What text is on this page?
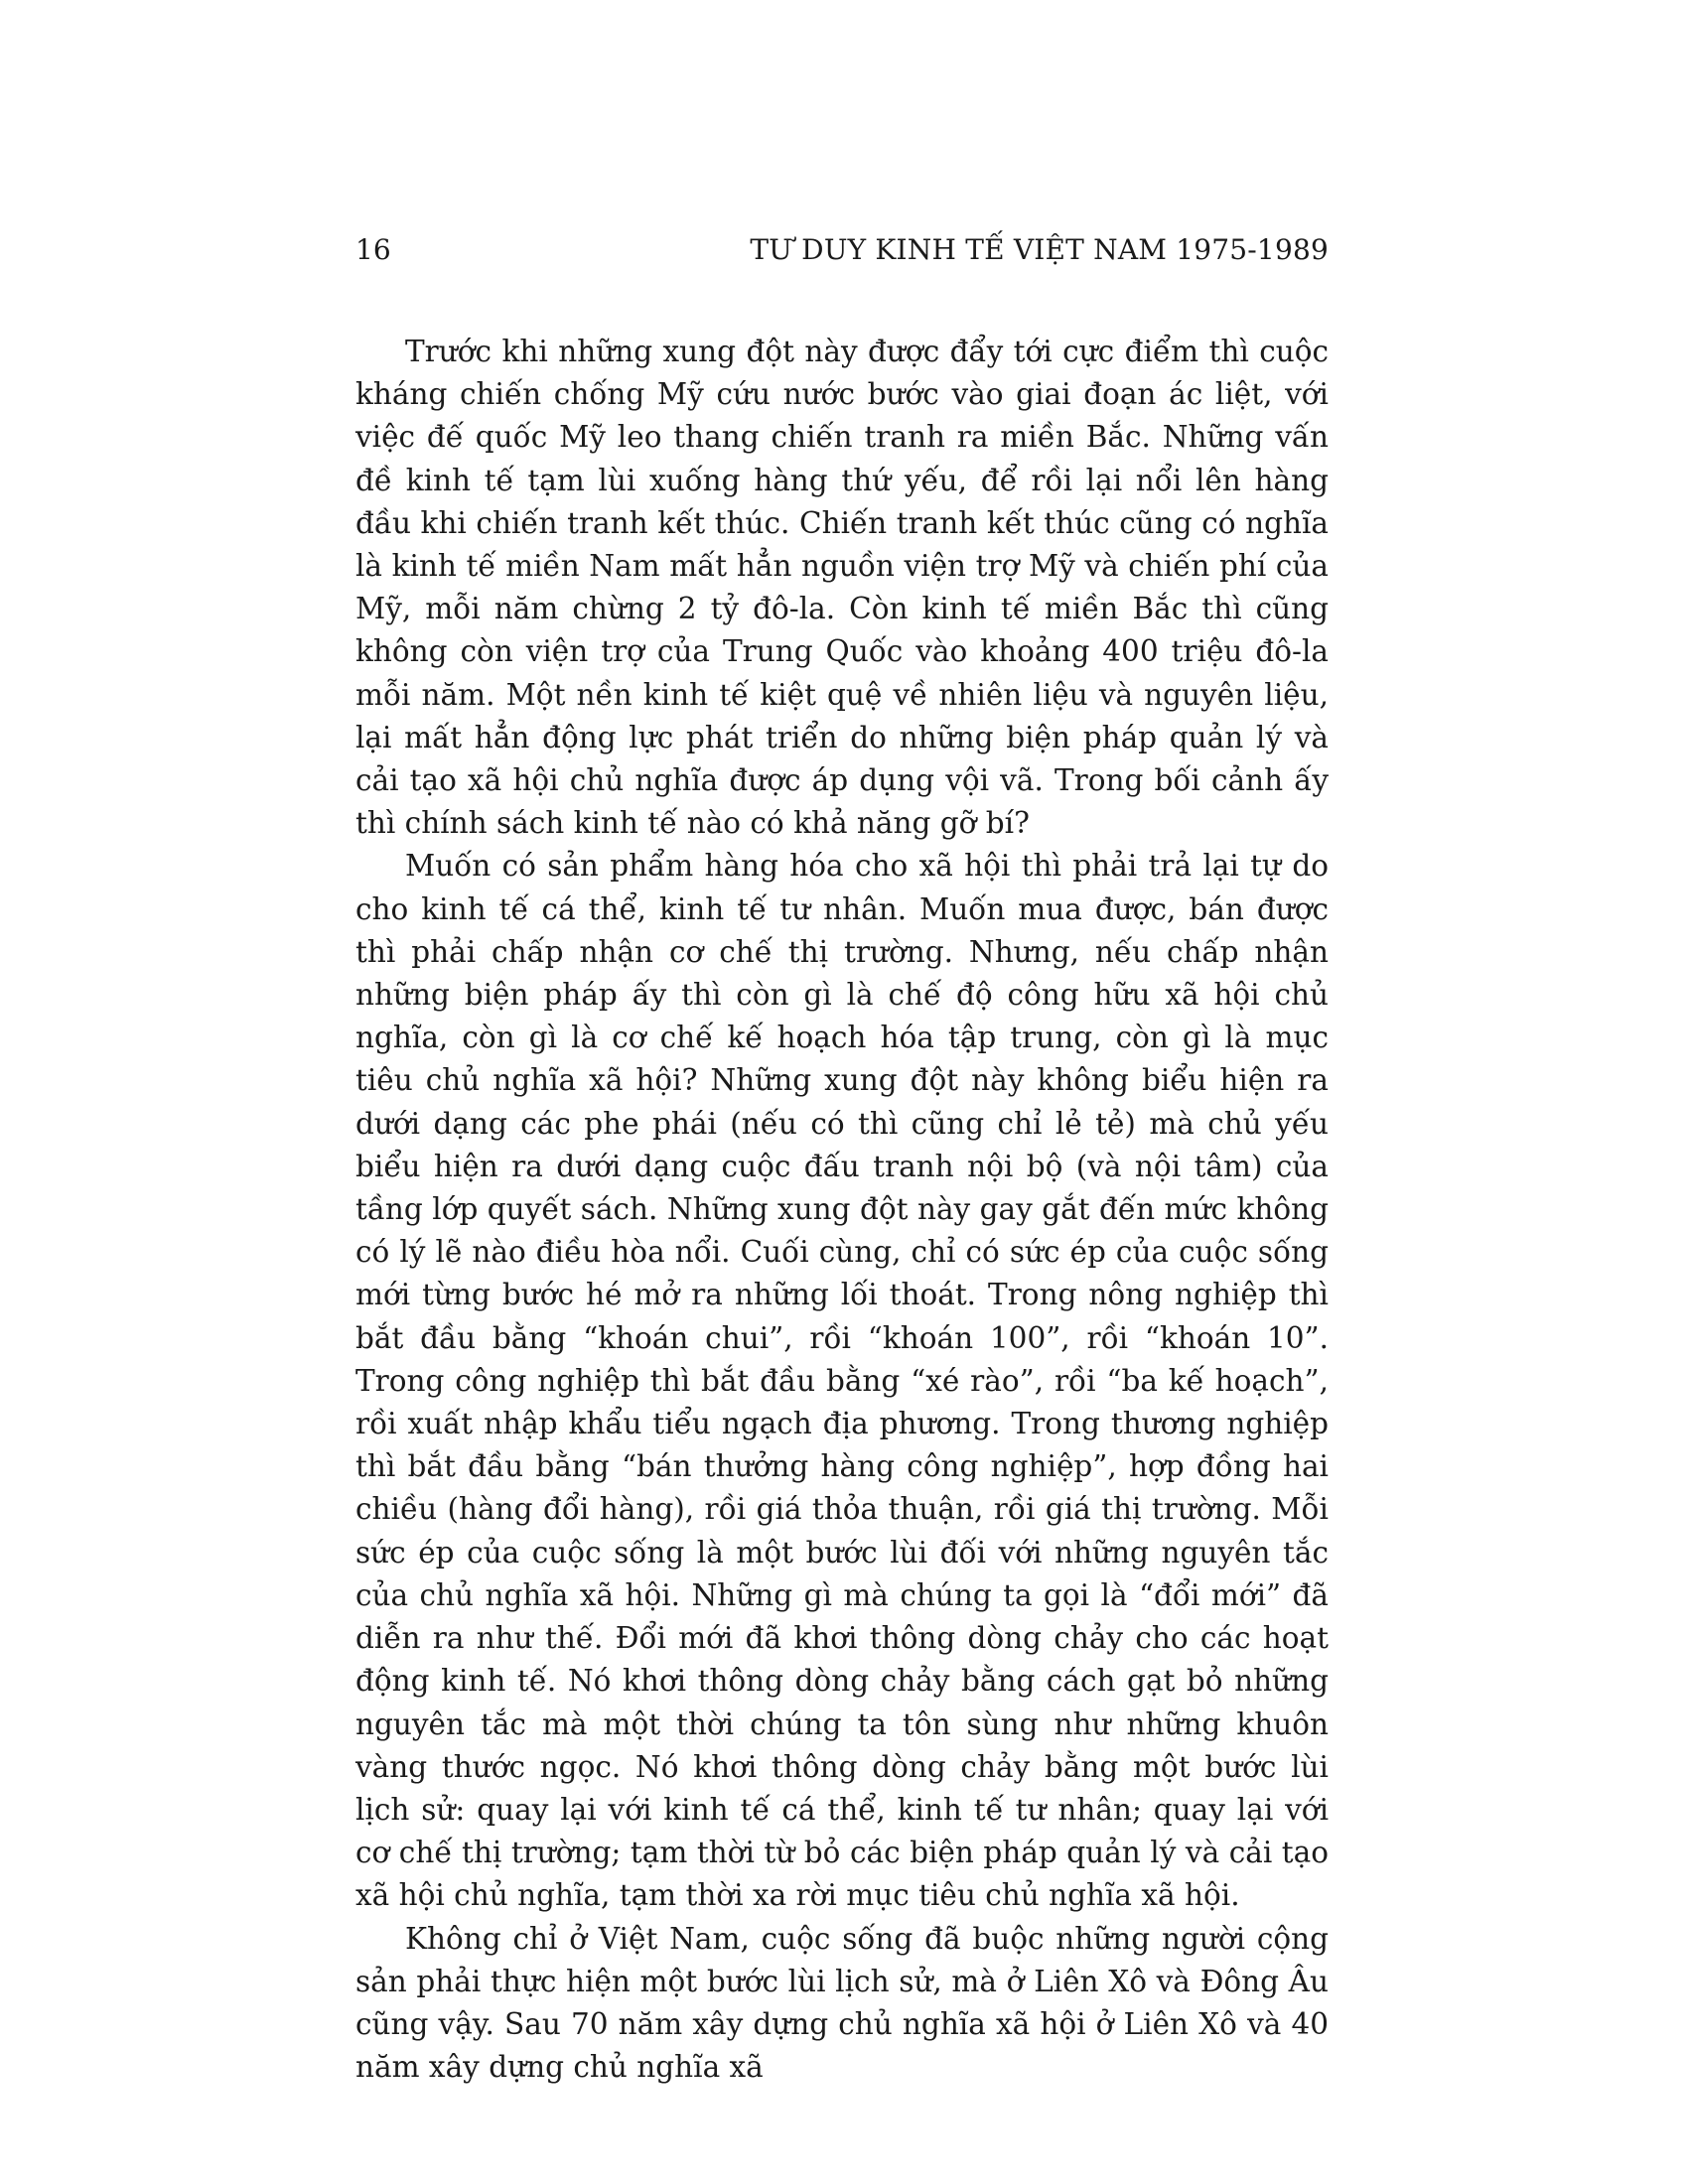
16	TƯ DUY KINH TẾ VIỆT NAM 1975-1989

Trước khi những xung đột này được đẩy tới cực điểm thì cuộc kháng chiến chống Mỹ cứu nước bước vào giai đoạn ác liệt, với việc đế quốc Mỹ leo thang chiến tranh ra miền Bắc. Những vấn đề kinh tế tạm lùi xuống hàng thứ yếu, để rồi lại nổi lên hàng đầu khi chiến tranh kết thúc. Chiến tranh kết thúc cũng có nghĩa là kinh tế miền Nam mất hẳn nguồn viện trợ Mỹ và chiến phí của Mỹ, mỗi năm chừng 2 tỷ đô-la. Còn kinh tế miền Bắc thì cũng không còn viện trợ của Trung Quốc vào khoảng 400 triệu đô-la mỗi năm. Một nền kinh tế kiệt quệ về nhiên liệu và nguyên liệu, lại mất hẳn động lực phát triển do những biện pháp quản lý và cải tạo xã hội chủ nghĩa được áp dụng vội vã. Trong bối cảnh ấy thì chính sách kinh tế nào có khả năng gỡ bí?

Muốn có sản phẩm hàng hóa cho xã hội thì phải trả lại tự do cho kinh tế cá thể, kinh tế tư nhân. Muốn mua được, bán được thì phải chấp nhận cơ chế thị trường. Nhưng, nếu chấp nhận những biện pháp ấy thì còn gì là chế độ công hữu xã hội chủ nghĩa, còn gì là cơ chế kế hoạch hóa tập trung, còn gì là mục tiêu chủ nghĩa xã hội? Những xung đột này không biểu hiện ra dưới dạng các phe phái (nếu có thì cũng chỉ lẻ tẻ) mà chủ yếu biểu hiện ra dưới dạng cuộc đấu tranh nội bộ (và nội tâm) của tầng lớp quyết sách. Những xung đột này gay gắt đến mức không có lý lẽ nào điều hòa nổi. Cuối cùng, chỉ có sức ép của cuộc sống mới từng bước hé mở ra những lối thoát. Trong nông nghiệp thì bắt đầu bằng “khoán chui”, rồi “khoán 100”, rồi “khoán 10”. Trong công nghiệp thì bắt đầu bằng “xé rào”, rồi “ba kế hoạch”, rồi xuất nhập khẩu tiểu ngạch địa phương. Trong thương nghiệp thì bắt đầu bằng “bán thưởng hàng công nghiệp”, hợp đồng hai chiều (hàng đổi hàng), rồi giá thỏa thuận, rồi giá thị trường. Mỗi sức ép của cuộc sống là một bước lùi đối với những nguyên tắc của chủ nghĩa xã hội. Những gì mà chúng ta gọi là “đổi mới” đã diễn ra như thế. Đổi mới đã khơi thông dòng chảy cho các hoạt động kinh tế. Nó khơi thông dòng chảy bằng cách gạt bỏ những nguyên tắc mà một thời chúng ta tôn sùng như những khuôn vàng thước ngọc. Nó khơi thông dòng chảy bằng một bước lùi lịch sử: quay lại với kinh tế cá thể, kinh tế tư nhân; quay lại với cơ chế thị trường; tạm thời từ bỏ các biện pháp quản lý và cải tạo xã hội chủ nghĩa, tạm thời xa rời mục tiêu chủ nghĩa xã hội.

Không chỉ ở Việt Nam, cuộc sống đã buộc những người cộng sản phải thực hiện một bước lùi lịch sử, mà ở Liên Xô và Đông Âu cũng vậy. Sau 70 năm xây dựng chủ nghĩa xã hội ở Liên Xô và 40 năm xây dựng chủ nghĩa xã
